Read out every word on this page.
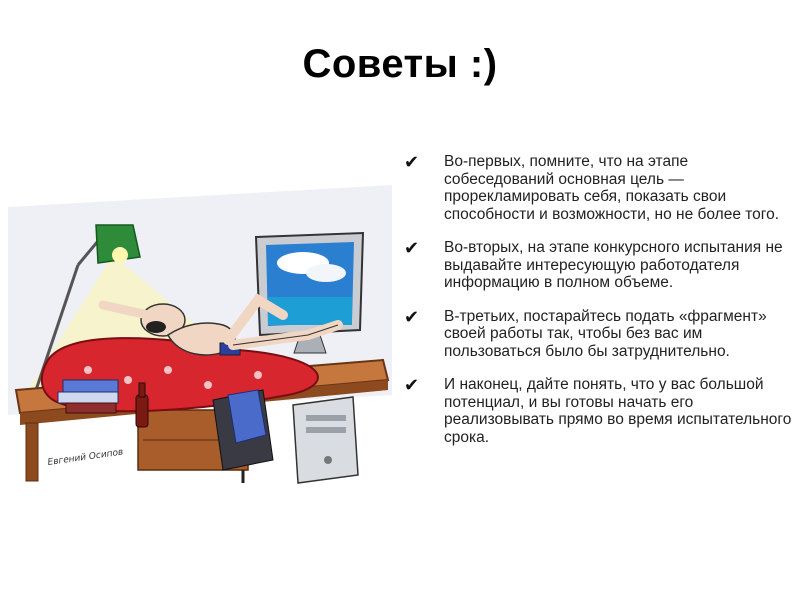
Советы :)
Евгений Осипов
✔ Во-первых, помните, что на этапе собеседований основная цель — прорекламировать себя, показать свои способности и возможности, но не более того.
✔ Во-вторых, на этапе конкурсного испытания не выдавайте интересующую работодателя информацию в полном объеме.
✔ В-третьих, постарайтесь подать «фрагмент» своей работы так, чтобы без вас им пользоваться было бы затруднительно.
✔ И наконец, дайте понять, что у вас большой потенциал, и вы готовы начать его реализовывать прямо во время испытательного срока.
